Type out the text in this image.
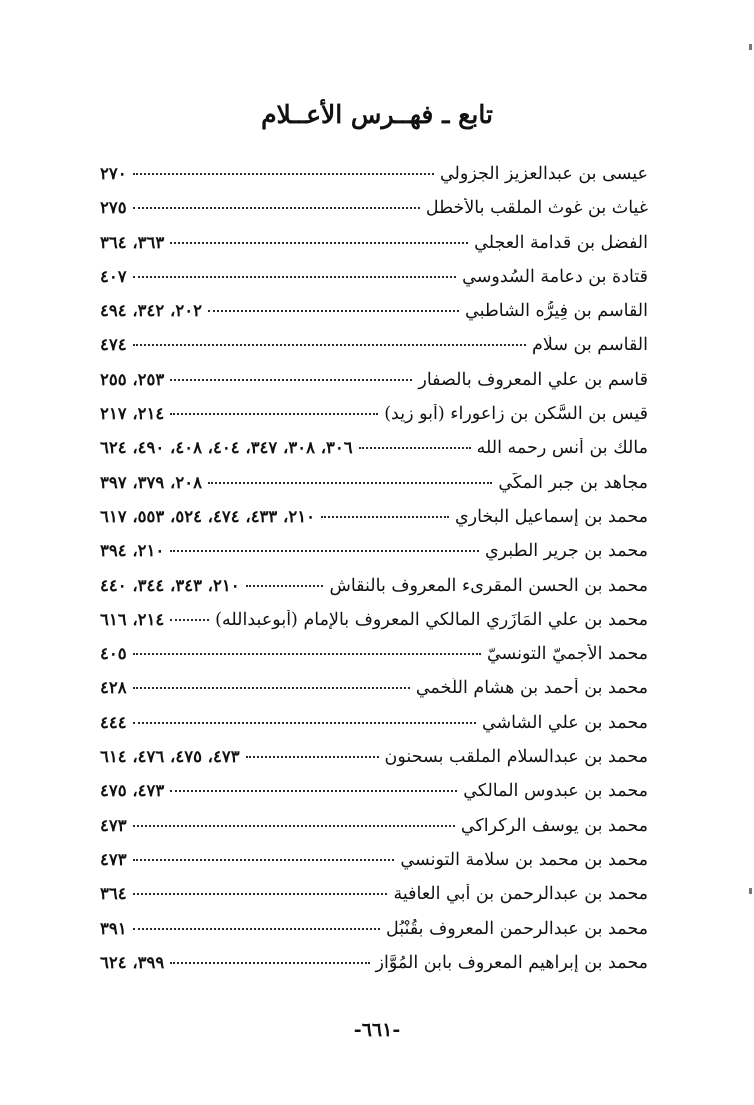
تابع ـ فهــرس الأعــلام
عيسى بن عبدالعزيز الجزولي
٢٧٠
غياث بن غوث الملقب بالأخطل
٢٧٥
الفضل بن قدامة العجلي
٣٦٣، ٣٦٤
قتادة بن دعامة السُدوسي
٤٠٧
القاسم بن فِيرُّه الشاطبي
٢٠٢، ٣٤٢، ٤٩٤
القاسم بن سلّام
٤٧٤
قاسم بن علي المعروف بالصفار
٢٥٣، ٢٥٥
قيس بن السَّكن بن زاعوراء (أبو زيد)
٢١٤، ٢١٧
مالك بن أنس رحمه الله
٣٠٦، ٣٠٨، ٣٤٧، ٤٠٤، ٤٠٨، ٤٩٠، ٦٢٤
مجاهد بن جبر المكّي
٢٠٨، ٣٧٩، ٣٩٧
محمد بن إسماعيل البخاري
٢١٠، ٤٣٣، ٤٧٤، ٥٢٤، ٥٥٣، ٦١٧
محمد بن جرير الطبري
٢١٠، ٣٩٤
محمد بن الحسن المقرىء المعروف بالنقاش
٢١٠، ٣٤٣، ٣٤٤، ٤٤٠
محمد بن علي المَازَري المالكي المعروف بالإمام (أبوعبدالله)
٢١٤، ٦١٦
محمد الأجميّ التونسيّ
٤٠٥
محمد بن أحمد بن هشام اللَّخمي
٤٢٨
محمد بن علي الشاشي
٤٤٤
محمد بن عبدالسلام الملقب بسحنون
٤٧٣، ٤٧٥، ٤٧٦، ٦١٤
محمد بن عبدوس المالكي
٤٧٣، ٤٧٥
محمد بن يوسف الركراكي
٤٧٣
محمد بن محمد بن سلامة التونسي
٤٧٣
محمد بن عبدالرحمن بن أبي العافية
٣٦٤
محمد بن عبدالرحمن المعروف بقُنْبُل
٣٩١
محمد بن إبراهيم المعروف بابن المُوَّاز
٣٩٩، ٦٢٤
-٦٦١-
